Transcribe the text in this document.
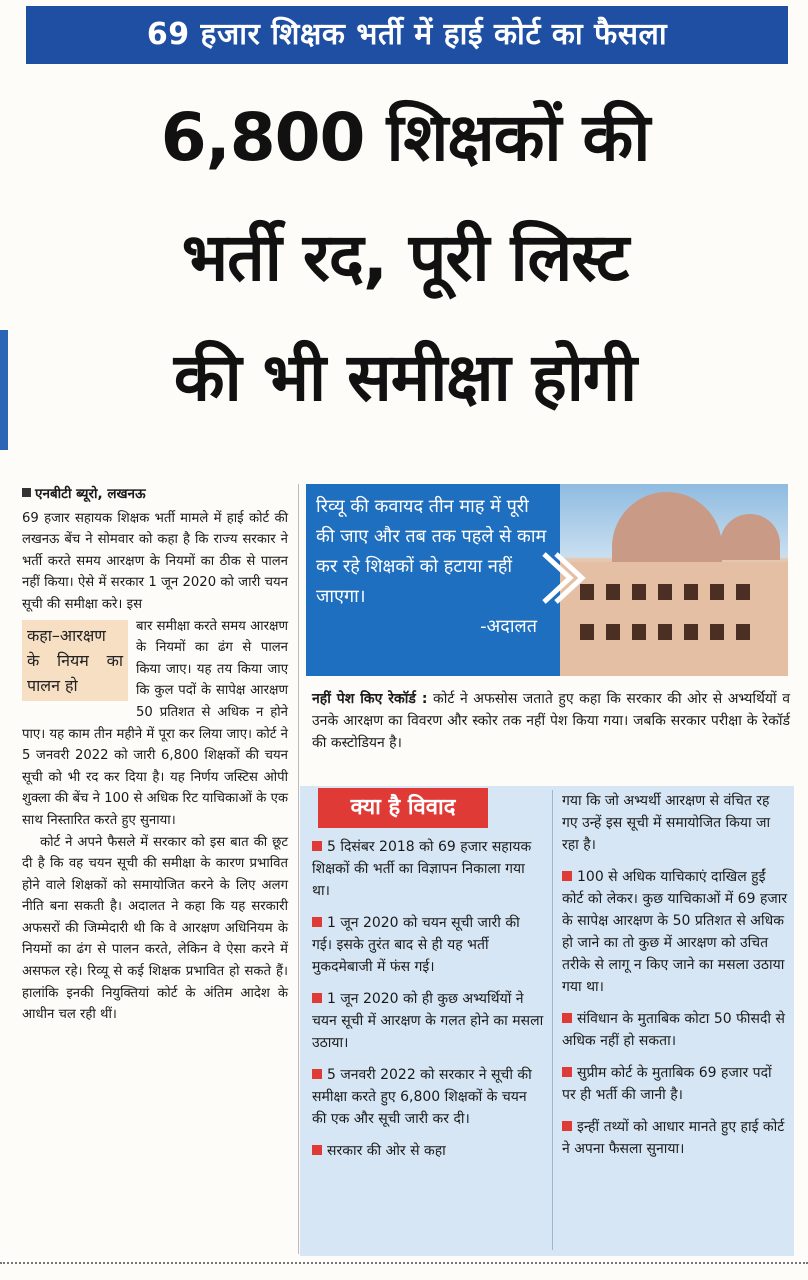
69 हजार शिक्षक भर्ती में हाई कोर्ट का फैसला
6,800 शिक्षकों की
भर्ती रद, पूरी लिस्ट
की भी समीक्षा होगी
एनबीटी ब्यूरो, लखनऊ

69 हजार सहायक शिक्षक भर्ती मामले में हाई कोर्ट की लखनऊ बेंच ने सोमवार को कहा है कि राज्य सरकार ने भर्ती करते समय आरक्षण के नियमों का ठीक से पालन नहीं किया। ऐसे में सरकार 1 जून 2020 को जारी चयन सूची की समीक्षा करे। इस

कहा–आरक्षण के नियम का पालन हो

बार समीक्षा करते समय आरक्षण के नियमों का ढंग से पालन किया जाए। यह तय किया जाए कि कुल पदों के सापेक्ष आरक्षण 50 प्रतिशत से अधिक न होने पाए। यह काम तीन महीने में पूरा कर लिया जाए। कोर्ट ने 5 जनवरी 2022 को जारी 6,800 शिक्षकों की चयन सूची को भी रद कर दिया है। यह निर्णय जस्टिस ओपी शुक्ला की बेंच ने 100 से अधिक रिट याचिकाओं के एक साथ निस्तारित करते हुए सुनाया।

कोर्ट ने अपने फैसले में सरकार को इस बात की छूट दी है कि वह चयन सूची की समीक्षा के कारण प्रभावित होने वाले शिक्षकों को समायोजित करने के लिए अलग नीति बना सकती है। अदालत ने कहा कि यह सरकारी अफसरों की जिम्मेदारी थी कि वे आरक्षण अधिनियम के नियमों का ढंग से पालन करते, लेकिन वे ऐसा करने में असफल रहे। रिव्यू से कई शिक्षक प्रभावित हो सकते हैं। हालांकि इनकी नियुक्तियां कोर्ट के अंतिम आदेश के आधीन चल रही थीं।

रिव्यू की कवायद तीन माह में पूरी की जाए और तब तक पहले से काम कर रहे शिक्षकों को हटाया नहीं जाएगा।
-अदालत
नहीं पेश किए रेकॉर्ड : कोर्ट ने अफसोस जताते हुए कहा कि सरकार की ओर से अभ्यर्थियों व उनके आरक्षण का विवरण और स्कोर तक नहीं पेश किया गया। जबकि सरकार परीक्षा के रेकॉर्ड की कस्टोडियन है।
क्या है विवाद

5 दिसंबर 2018 को 69 हजार सहायक शिक्षकों की भर्ती का विज्ञापन निकाला गया था।

1 जून 2020 को चयन सूची जारी की गई। इसके तुरंत बाद से ही यह भर्ती मुकदमेबाजी में फंस गई।

1 जून 2020 को ही कुछ अभ्यर्थियों ने चयन सूची में आरक्षण के गलत होने का मसला उठाया।

5 जनवरी 2022 को सरकार ने सूची की समीक्षा करते हुए 6,800 शिक्षकों के चयन की एक और सूची जारी कर दी।

सरकार की ओर से कहा

गया कि जो अभ्यर्थी आरक्षण से वंचित रह गए उन्हें इस सूची में समायोजित किया जा रहा है।

100 से अधिक याचिकाएं दाखिल हुईं कोर्ट को लेकर। कुछ याचिकाओं में 69 हजार के सापेक्ष आरक्षण के 50 प्रतिशत से अधिक हो जाने का तो कुछ में आरक्षण को उचित तरीके से लागू न किए जाने का मसला उठाया गया था।

संविधान के मुताबिक कोटा 50 फीसदी से अधिक नहीं हो सकता।

सुप्रीम कोर्ट के मुताबिक 69 हजार पदों पर ही भर्ती की जानी है।

इन्हीं तथ्यों को आधार मानते हुए हाई कोर्ट ने अपना फैसला सुनाया।
